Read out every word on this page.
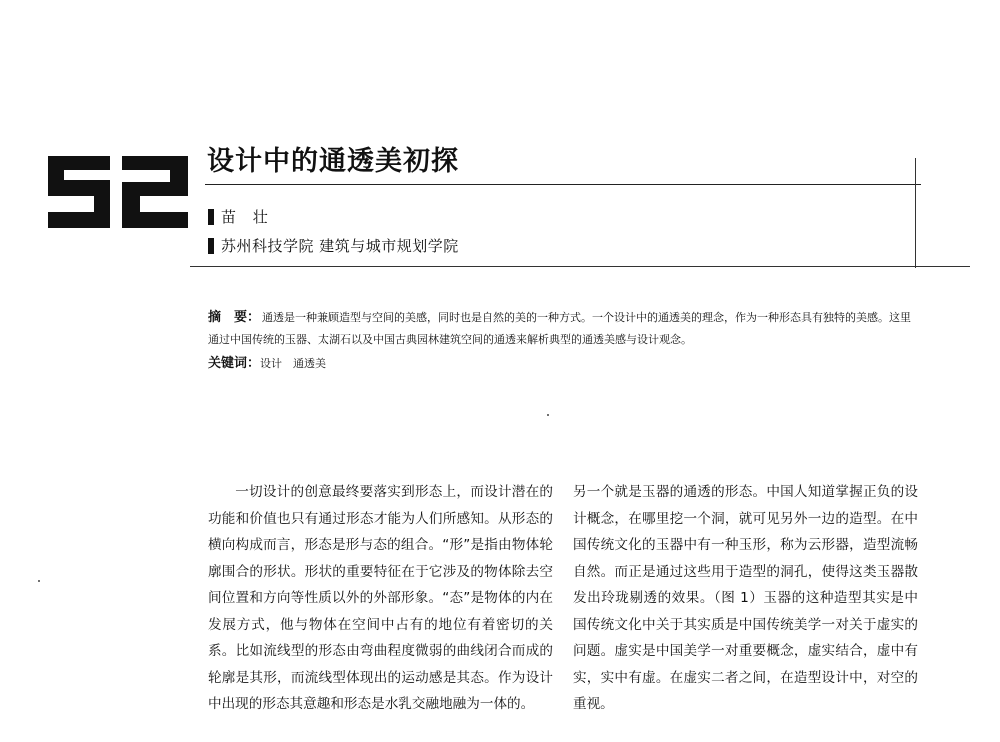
设计中的通透美初探
苗 壮
苏州科技学院 建筑与城市规划学院
摘　要： 通透是一种兼顾造型与空间的美感，同时也是自然的美的一种方式。一个设计中的通透美的理念，作为一种形态具有独特的美感。这里通过中国传统的玉器、太湖石以及中国古典园林建筑空间的通透来解析典型的通透美感与设计观念。
关键词：设计　通透美

一切设计的创意最终要落实到形态上，而设计潜在的功能和价值也只有通过形态才能为人们所感知。从形态的横向构成而言，形态是形与态的组合。“形”是指由物体轮廓围合的形状。形状的重要特征在于它涉及的物体除去空间位置和方向等性质以外的外部形象。“态”是物体的内在发展方式，他与物体在空间中占有的地位有着密切的关系。比如流线型的形态由弯曲程度微弱的曲线闭合而成的轮廓是其形，而流线型体现出的运动感是其态。作为设计中出现的形态其意趣和形态是水乳交融地融为一体的。

另一个就是玉器的通透的形态。中国人知道掌握正负的设计概念，在哪里挖一个洞，就可见另外一边的造型。在中国传统文化的玉器中有一种玉形，称为云形器，造型流畅自然。而正是通过这些用于造型的洞孔，使得这类玉器散发出玲珑剔透的效果。（图 1）玉器的这种造型其实是中国传统文化中关于其实质是中国传统美学一对关于虚实的问题。虚实是中国美学一对重要概念，虚实结合，虚中有实，实中有虚。在虚实二者之间，在造型设计中，对空的重视。
